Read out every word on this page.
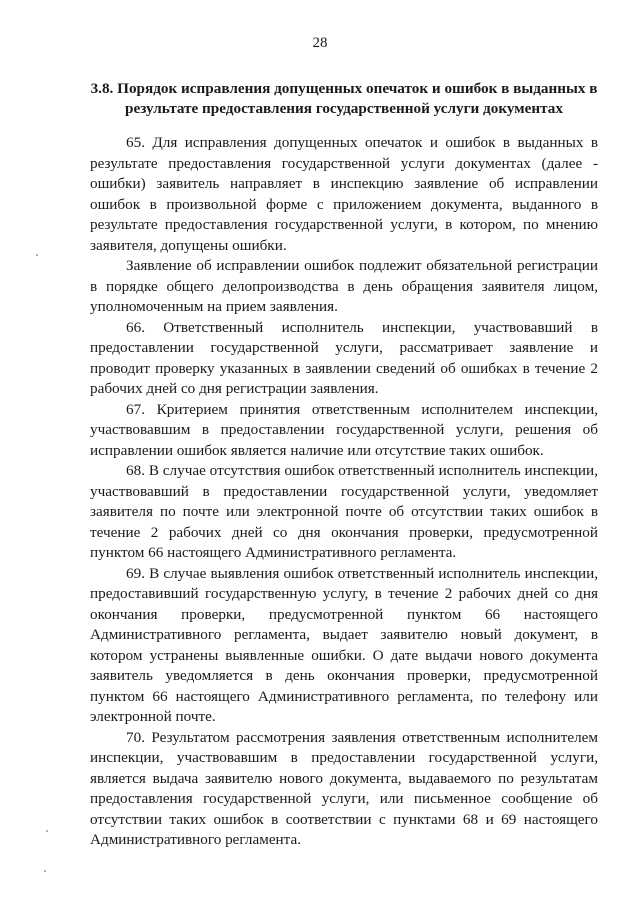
28
3.8. Порядок исправления допущенных опечаток и ошибок в выданных в результате предоставления государственной услуги документах

65. Для исправления допущенных опечаток и ошибок в выданных в результате предоставления государственной услуги документах (далее - ошибки) заявитель направляет в инспекцию заявление об исправлении ошибок в произвольной форме с приложением документа, выданного в результате предоставления государственной услуги, в котором, по мнению заявителя, допущены ошибки.

Заявление об исправлении ошибок подлежит обязательной регистрации в порядке общего делопроизводства в день обращения заявителя лицом, уполномоченным на прием заявления.

66. Ответственный исполнитель инспекции, участвовавший в предоставлении государственной услуги, рассматривает заявление и проводит проверку указанных в заявлении сведений об ошибках в течение 2 рабочих дней со дня регистрации заявления.

67. Критерием принятия ответственным исполнителем инспекции, участвовавшим в предоставлении государственной услуги, решения об исправлении ошибок является наличие или отсутствие таких ошибок.

68. В случае отсутствия ошибок ответственный исполнитель инспекции, участвовавший в предоставлении государственной услуги, уведомляет заявителя по почте или электронной почте об отсутствии таких ошибок в течение 2 рабочих дней со дня окончания проверки, предусмотренной пунктом 66 настоящего Административного регламента.

69. В случае выявления ошибок ответственный исполнитель инспекции, предоставивший государственную услугу, в течение 2 рабочих дней со дня окончания проверки, предусмотренной пунктом 66 настоящего Административного регламента, выдает заявителю новый документ, в котором устранены выявленные ошибки. О дате выдачи нового документа заявитель уведомляется в день окончания проверки, предусмотренной пунктом 66 настоящего Административного регламента, по телефону или электронной почте.

70. Результатом рассмотрения заявления ответственным исполнителем инспекции, участвовавшим в предоставлении государственной услуги, является выдача заявителю нового документа, выдаваемого по результатам предоставления государственной услуги, или письменное сообщение об отсутствии таких ошибок в соответствии с пунктами 68 и 69 настоящего Административного регламента.
